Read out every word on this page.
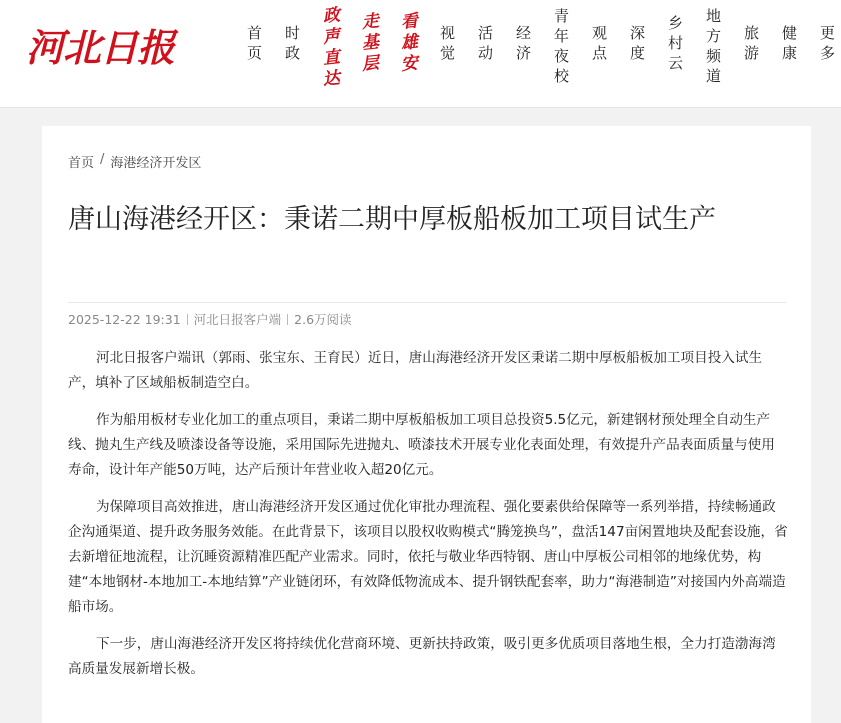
河北日报	首
页
时
政
政
声
直
达
走
基
层
看
雄
安
视
觉
活
动
经
济
青
年
夜
校
观
点
深
度
乡
村
云
地
方
频
道
旅
游
健
康
更
多
首页 / 海港经济开发区
唐山海港经开区：秉诺二期中厚板船板加工项目试生产
2025-12-22 19:31 河北日报客户端 2.6万阅读

河北日报客户端讯（郭雨、张宝东、王育民）近日，唐山海港经济开发区秉诺二期中厚板船板加工项目投入试生产，填补了区域船板制造空白。

作为船用板材专业化加工的重点项目，秉诺二期中厚板船板加工项目总投资5.5亿元，新建钢材预处理全自动生产线、抛丸生产线及喷漆设备等设施，采用国际先进抛丸、喷漆技术开展专业化表面处理，有效提升产品表面质量与使用寿命，设计年产能50万吨，达产后预计年营业收入超20亿元。

为保障项目高效推进，唐山海港经济开发区通过优化审批办理流程、强化要素供给保障等一系列举措，持续畅通政企沟通渠道、提升政务服务效能。在此背景下，该项目以股权收购模式“腾笼换鸟”，盘活147亩闲置地块及配套设施，省去新增征地流程，让沉睡资源精准匹配产业需求。同时，依托与敬业华西特钢、唐山中厚板公司相邻的地缘优势，构建“本地钢材-本地加工-本地结算”产业链闭环，有效降低物流成本、提升钢铁配套率，助力“海港制造”对接国内外高端造船市场。

下一步，唐山海港经济开发区将持续优化营商环境、更新扶持政策，吸引更多优质项目落地生根，全力打造渤海湾高质量发展新增长极。
